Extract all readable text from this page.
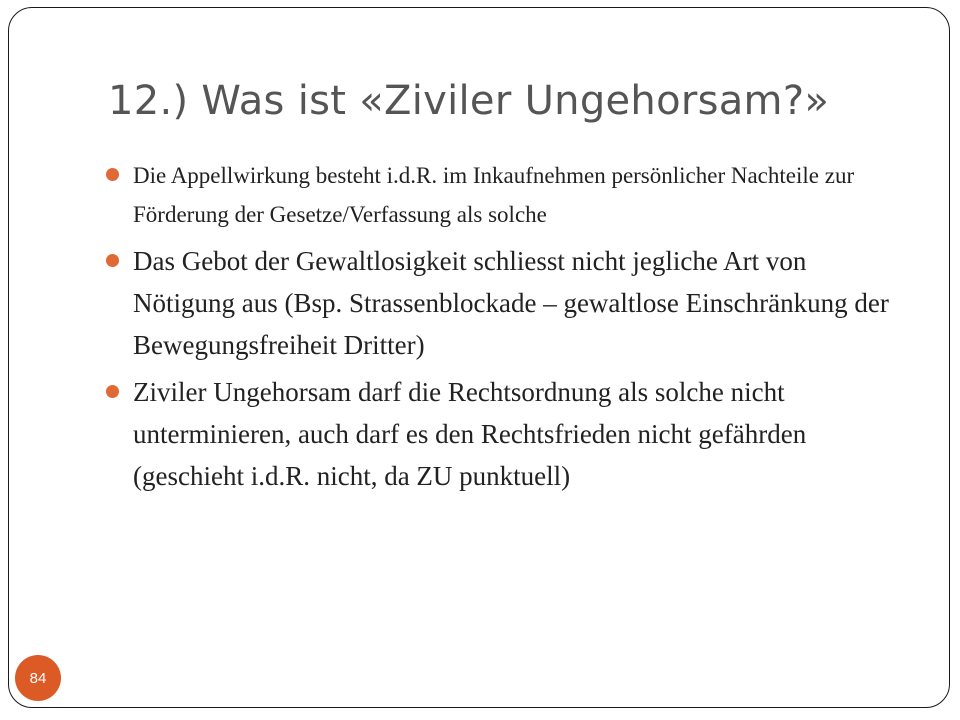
12.) Was ist «Ziviler Ungehorsam?»
Die Appellwirkung besteht i.d.R. im Inkaufnehmen persönlicher Nachteile zur Förderung der Gesetze/Verfassung als solche
Das Gebot der Gewaltlosigkeit schliesst nicht jegliche Art von Nötigung aus (Bsp. Strassenblockade – gewaltlose Einschränkung der Bewegungsfreiheit Dritter)
Ziviler Ungehorsam darf die Rechtsordnung als solche nicht unterminieren, auch darf es den Rechtsfrieden nicht gefährden (geschieht i.d.R. nicht, da ZU punktuell)
84
